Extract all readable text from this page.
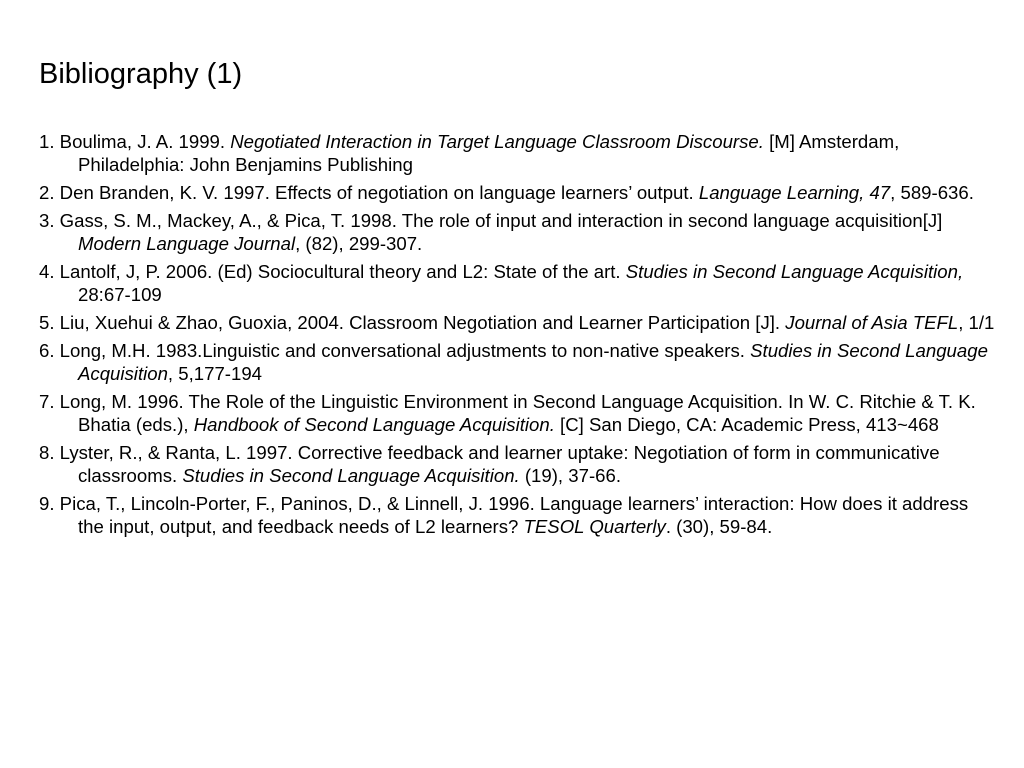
Bibliography (1)
1. Boulima, J. A. 1999. Negotiated Interaction in Target Language Classroom Discourse. [M] Amsterdam, Philadelphia: John Benjamins Publishing
2. Den Branden, K. V. 1997. Effects of negotiation on language learners’ output. Language Learning, 47, 589-636.
3. Gass, S. M., Mackey, A., & Pica, T. 1998. The role of input and interaction in second language acquisition[J] Modern Language Journal, (82), 299-307.
4. Lantolf, J, P. 2006. (Ed) Sociocultural theory and L2: State of the art. Studies in Second Language Acquisition, 28:67-109
5. Liu, Xuehui & Zhao, Guoxia, 2004. Classroom Negotiation and Learner Participation [J]. Journal of Asia TEFL, 1/1
6. Long, M.H. 1983.Linguistic and conversational adjustments to non-native speakers. Studies in Second Language Acquisition, 5,177-194
7. Long, M. 1996. The Role of the Linguistic Environment in Second Language Acquisition. In W. C. Ritchie & T. K. Bhatia (eds.), Handbook of Second Language Acquisition. [C] San Diego, CA: Academic Press, 413~468
8. Lyster, R., & Ranta, L. 1997. Corrective feedback and learner uptake: Negotiation of form in communicative classrooms. Studies in Second Language Acquisition. (19), 37-66.
9. Pica, T., Lincoln-Porter, F., Paninos, D., & Linnell, J. 1996. Language learners’ interaction: How does it address the input, output, and feedback needs of L2 learners? TESOL Quarterly. (30), 59-84.
